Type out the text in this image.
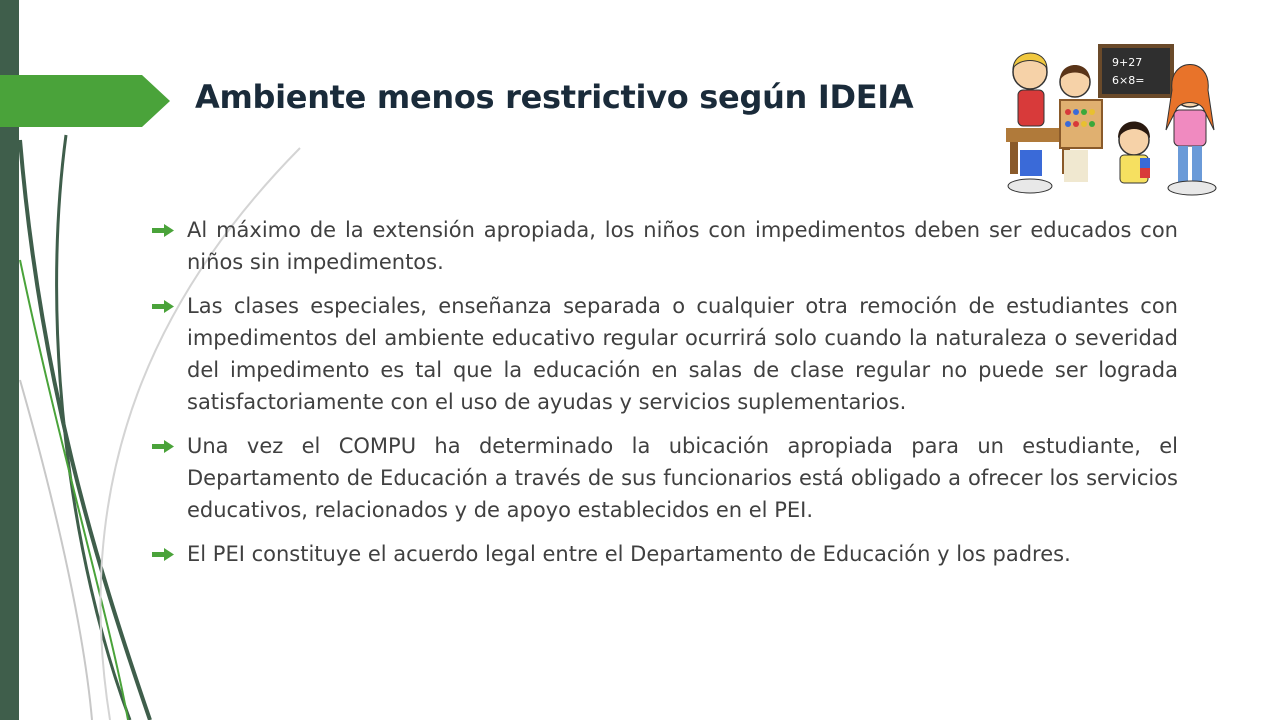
Ambiente menos restrictivo según IDEIA
9+27
6×8=
Al máximo de la extensión apropiada, los niños con impedimentos deben ser educados con niños sin impedimentos.
Las clases especiales, enseñanza separada o cualquier otra remoción de estudiantes con impedimentos del ambiente educativo regular ocurrirá solo cuando la naturaleza o severidad del impedimento es tal que la educación en salas de clase regular no puede ser lograda satisfactoriamente con el uso de ayudas y servicios suplementarios.
Una vez el COMPU ha determinado la ubicación apropiada para un estudiante, el Departamento de Educación a través de sus funcionarios está obligado a ofrecer los servicios educativos, relacionados y de apoyo establecidos en el PEI.
El PEI constituye el acuerdo legal entre el Departamento de Educación y los padres.
